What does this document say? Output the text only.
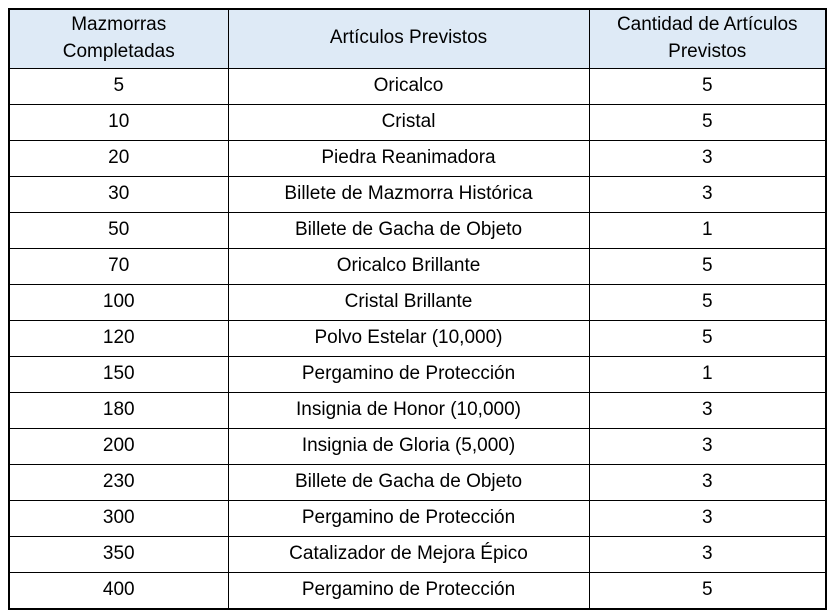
Mazmorras Completadas	Artículos Previstos	Cantidad de Artículos Previstos
5	Oricalco	5
10	Cristal	5
20	Piedra Reanimadora	3
30	Billete de Mazmorra Histórica	3
50	Billete de Gacha de Objeto	1
70	Oricalco Brillante	5
100	Cristal Brillante	5
120	Polvo Estelar (10,000)	5
150	Pergamino de Protección	1
180	Insignia de Honor (10,000)	3
200	Insignia de Gloria (5,000)	3
230	Billete de Gacha de Objeto	3
300	Pergamino de Protección	3
350	Catalizador de Mejora Épico	3
400	Pergamino de Protección	5
